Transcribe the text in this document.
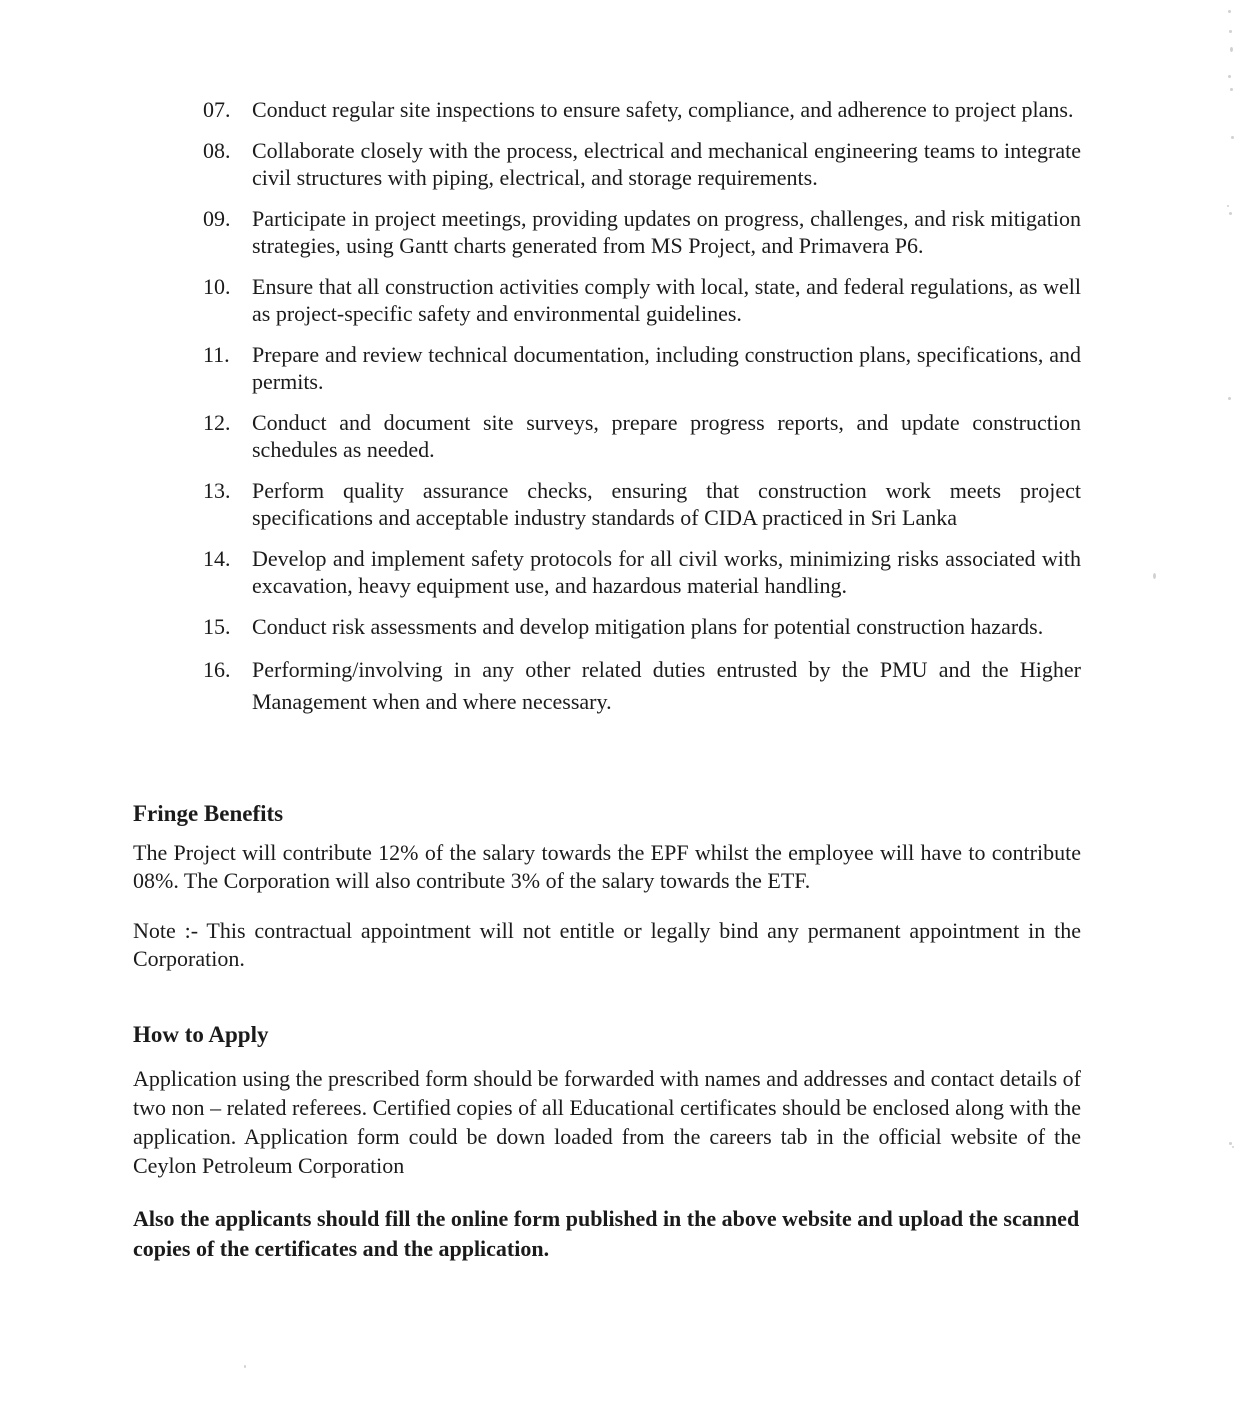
07. Conduct regular site inspections to ensure safety, compliance, and adherence to project plans.
08. Collaborate closely with the process, electrical and mechanical engineering teams to integrate civil structures with piping, electrical, and storage requirements.
09. Participate in project meetings, providing updates on progress, challenges, and risk mitigation strategies, using Gantt charts generated from MS Project, and Primavera P6.
10. Ensure that all construction activities comply with local, state, and federal regulations, as well as project-specific safety and environmental guidelines.
11. Prepare and review technical documentation, including construction plans, specifications, and permits.
12. Conduct and document site surveys, prepare progress reports, and update construction schedules as needed.
13. Perform quality assurance checks, ensuring that construction work meets project specifications and acceptable industry standards of CIDA practiced in Sri Lanka
14. Develop and implement safety protocols for all civil works, minimizing risks associated with excavation, heavy equipment use, and hazardous material handling.
15. Conduct risk assessments and develop mitigation plans for potential construction hazards.
16. Performing/involving in any other related duties entrusted by the PMU and the Higher Management when and where necessary.
Fringe Benefits

The Project will contribute 12% of the salary towards the EPF whilst the employee will have to contribute 08%. The Corporation will also contribute 3% of the salary towards the ETF.

Note :- This contractual appointment will not entitle or legally bind any permanent appointment in the Corporation.

How to Apply

Application using the prescribed form should be forwarded with names and addresses and contact details of two non – related referees. Certified copies of all Educational certificates should be enclosed along with the application. Application form could be down loaded from the careers tab in the official website of the Ceylon Petroleum Corporation

Also the applicants should fill the online form published in the above website and upload the scanned copies of the certificates and the application.
